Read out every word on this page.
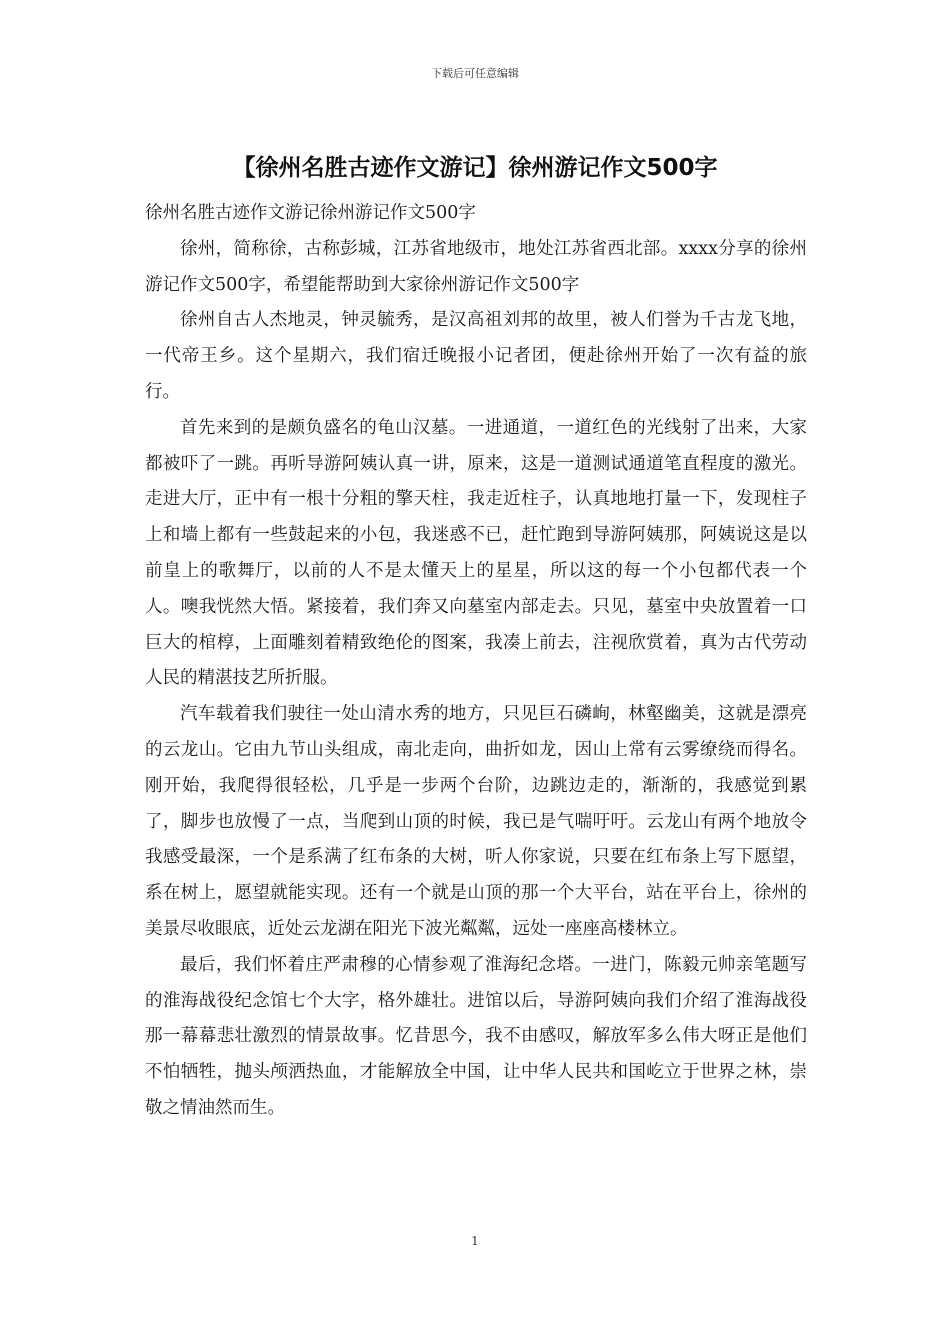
下载后可任意编辑
【徐州名胜古迹作文游记】徐州游记作文500字

徐州名胜古迹作文游记徐州游记作文500字

徐州，简称徐，古称彭城，江苏省地级市，地处江苏省西北部。xxxx分享的徐州游记作文500字，希望能帮助到大家徐州游记作文500字

徐州自古人杰地灵，钟灵毓秀，是汉高祖刘邦的故里，被人们誉为千古龙飞地，一代帝王乡。这个星期六，我们宿迁晚报小记者团，便赴徐州开始了一次有益的旅行。

首先来到的是颇负盛名的龟山汉墓。一进通道，一道红色的光线射了出来，大家都被吓了一跳。再听导游阿姨认真一讲，原来，这是一道测试通道笔直程度的激光。走进大厅，正中有一根十分粗的擎天柱，我走近柱子，认真地地打量一下，发现柱子上和墙上都有一些鼓起来的小包，我迷惑不已，赶忙跑到导游阿姨那，阿姨说这是以前皇上的歌舞厅，以前的人不是太懂天上的星星，所以这的每一个小包都代表一个人。噢我恍然大悟。紧接着，我们奔又向墓室内部走去。只见，墓室中央放置着一口巨大的棺椁，上面雕刻着精致绝伦的图案，我凑上前去，注视欣赏着，真为古代劳动人民的精湛技艺所折服。

汽车载着我们驶往一处山清水秀的地方，只见巨石磷峋，林壑幽美，这就是漂亮的云龙山。它由九节山头组成，南北走向，曲折如龙，因山上常有云雾缭绕而得名。刚开始，我爬得很轻松，几乎是一步两个台阶，边跳边走的，渐渐的，我感觉到累了，脚步也放慢了一点，当爬到山顶的时候，我已是气喘吁吁。云龙山有两个地放令我感受最深，一个是系满了红布条的大树，听人你家说，只要在红布条上写下愿望，系在树上，愿望就能实现。还有一个就是山顶的那一个大平台，站在平台上，徐州的美景尽收眼底，近处云龙湖在阳光下波光粼粼，远处一座座高楼林立。

最后，我们怀着庄严肃穆的心情参观了淮海纪念塔。一进门，陈毅元帅亲笔题写的淮海战役纪念馆七个大字，格外雄壮。进馆以后，导游阿姨向我们介绍了淮海战役那一幕幕悲壮激烈的情景故事。忆昔思今，我不由感叹，解放军多么伟大呀正是他们不怕牺牲，抛头颅洒热血，才能解放全中国，让中华人民共和国屹立于世界之林，崇敬之情油然而生。

1
